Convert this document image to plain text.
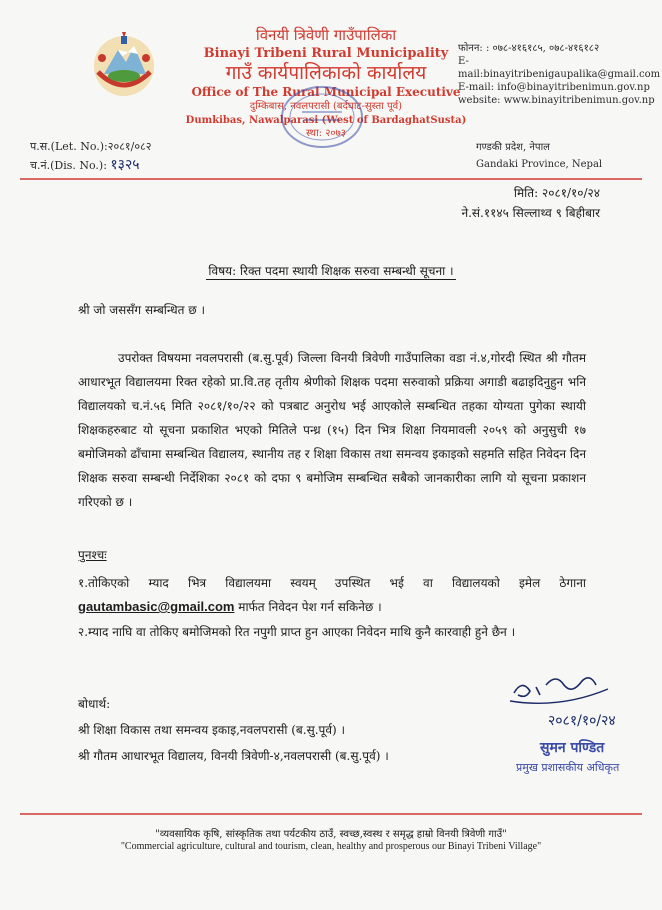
विनयी त्रिवेणी गाउँपालिका
Binayi Tribeni Rural Municipality
गाउँ कार्यपालिकाको कार्यालय
Office of The Rural Municipal Executive
दुम्किबास, नवलपरासी (बर्दघाट-सुस्ता पूर्व)
Dumkibas, Nawalparasi (West of BardaghatSusta)
स्था: २०७३
फोनन: : ०७८-४१६१८५, ०७८-४१६१८२
E-mail:binayitribenigaupalika@gmail.com
E-mail: info@binayitribenimun.gov.np
website: www.binayitribenimun.gov.np
प.स.(Let. No.):२०८१/०८२
च.नं.(Dis. No.): १३२५
गण्डकी प्रदेश, नेपाल
Gandaki Province, Nepal
मिति: २०८१/१०/२४
ने.सं.११४५ सिल्लाथ्व ९ बिहीबार
विषय: रिक्त पदमा स्थायी शिक्षक सरुवा सम्बन्धी सूचना ।
श्री जो जससँग सम्बन्धित छ ।
उपरोक्त विषयमा नवलपरासी (ब.सु.पूर्व) जिल्ला विनयी त्रिवेणी गाउँपालिका वडा नं.४,गोरदी स्थित श्री गौतम आधारभूत विद्यालयमा रिक्त रहेको प्रा.वि.तह तृतीय श्रेणीको शिक्षक पदमा सरुवाको प्रक्रिया अगाडी बढाइदिनुहुन भनि विद्यालयको च.नं.५६ मिति २०८१/१०/२२ को पत्रबाट अनुरोध भई आएकोले सम्बन्धित तहका योग्यता पुगेका स्थायी शिक्षकहरुबाट यो सूचना प्रकाशित भएको मितिले पन्ध्र (१५) दिन भित्र शिक्षा नियमावली २०५९ को अनुसुची १७ बमोजिमको ढाँचामा सम्बन्धित विद्यालय, स्थानीय तह र शिक्षा विकास तथा समन्वय इकाइको सहमति सहित निवेदन दिन शिक्षक सरुवा सम्बन्धी निर्देशिका २०८१ को दफा ९ बमोजिम सम्बन्धित सबैको जानकारीका लागि यो सूचना प्रकाशन गरिएको छ ।
पुनश्चः
१.तोकिएको म्याद भित्र विद्यालयमा स्वयम् उपस्थित भई वा विद्यालयको इमेल ठेगाना gautambasic@gmail.com मार्फत निवेदन पेश गर्न सकिनेछ ।
२.म्याद नाघि वा तोकिए बमोजिमको रित नपुगी प्राप्त हुन आएका निवेदन माथि कुनै कारवाही हुने छैन ।
बोधार्थ:
श्री शिक्षा विकास तथा समन्वय इकाइ,नवलपरासी (ब.सु.पूर्व) ।
श्री गौतम आधारभूत विद्यालय, विनयी त्रिवेणी-४,नवलपरासी (ब.सु.पूर्व) ।
२०८१/१०/२४
सुमन पण्डित
प्रमुख प्रशासकीय अधिकृत
"व्यवसायिक कृषि, सांस्कृतिक तथा पर्यटकीय ठाउँ, स्वच्छ,स्वस्थ र समृद्ध हाम्रो विनयी त्रिवेणी गाउँ"
"Commercial agriculture, cultural and tourism, clean, healthy and prosperous our Binayi Tribeni Village"
